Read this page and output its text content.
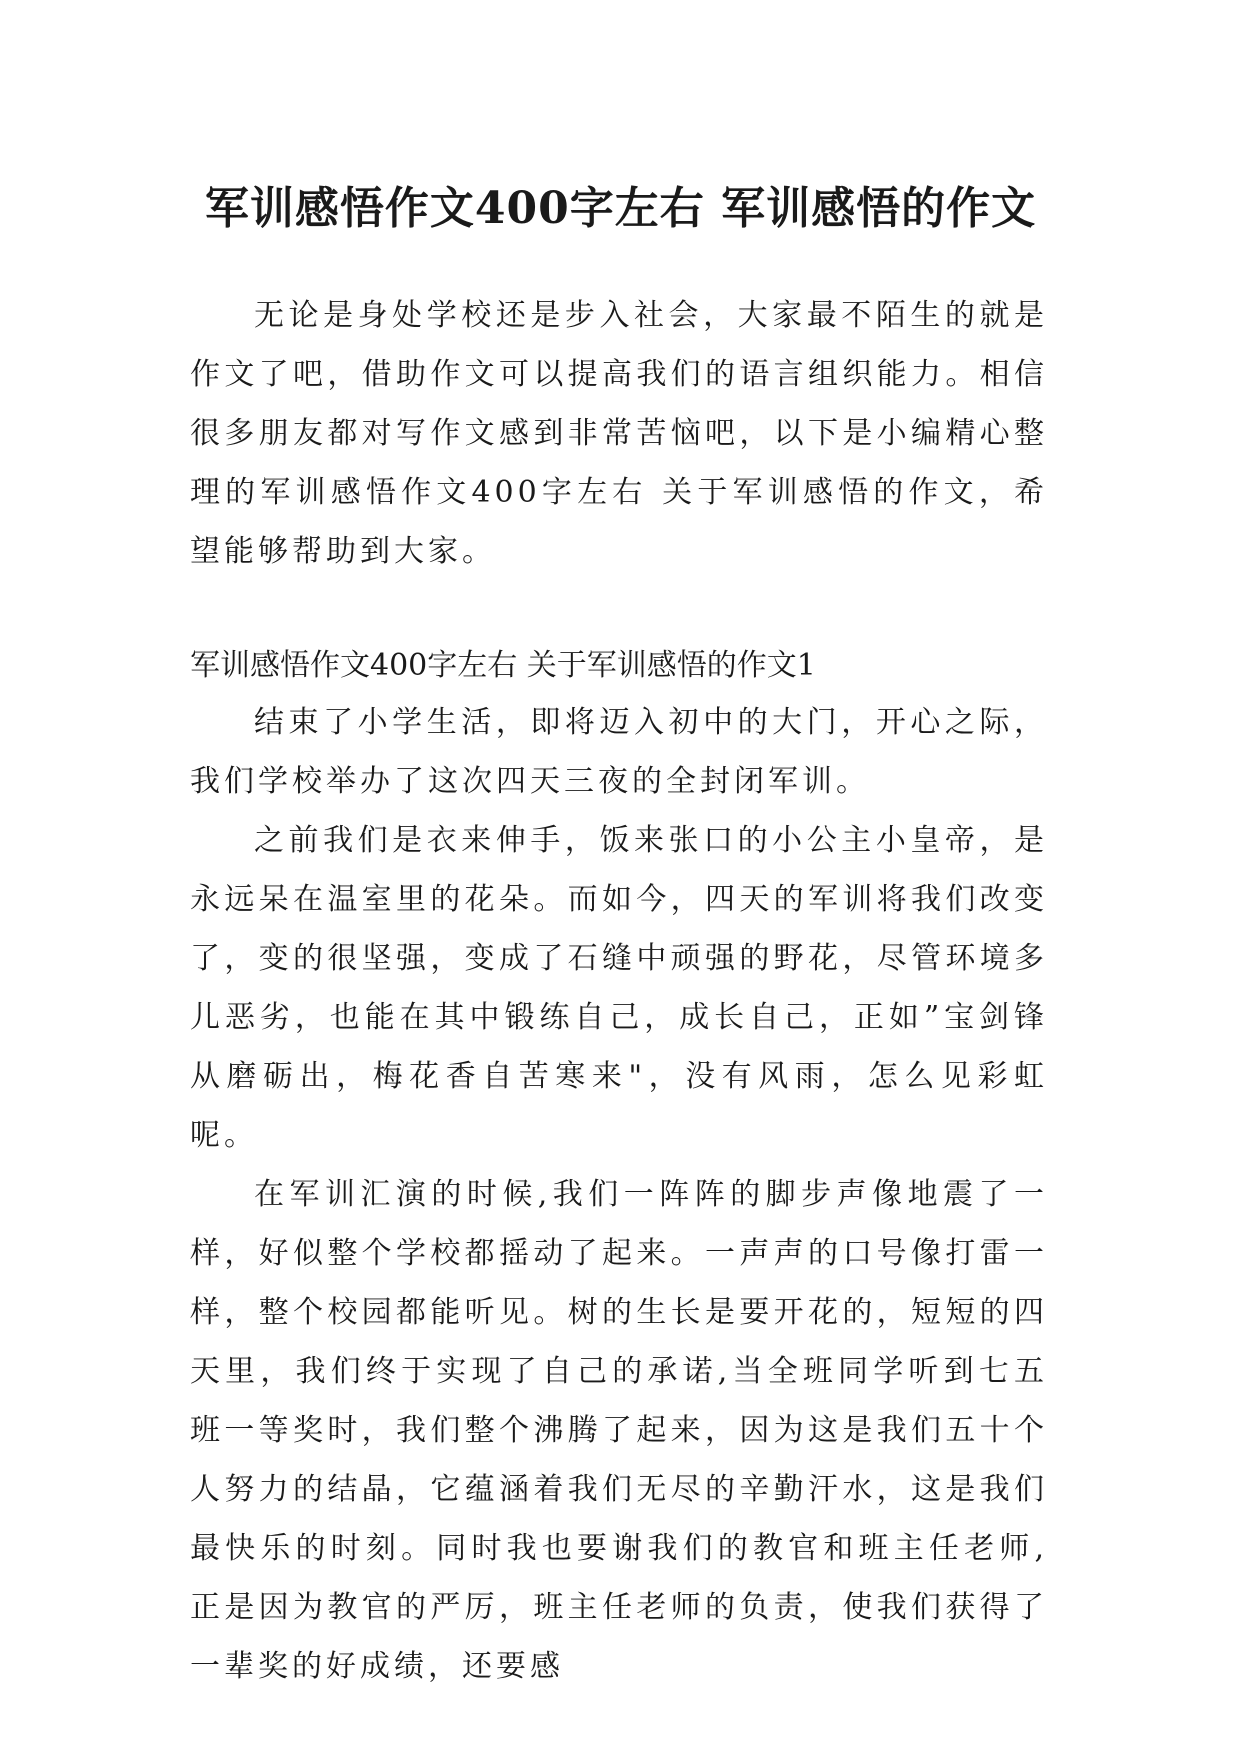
军训感悟作文400字左右 军训感悟的作文

无论是身处学校还是步入社会，大家最不陌生的就是作文了吧，借助作文可以提高我们的语言组织能力。相信很多朋友都对写作文感到非常苦恼吧，以下是小编精心整理的军训感悟作文400字左右 关于军训感悟的作文，希望能够帮助到大家。

军训感悟作文400字左右 关于军训感悟的作文1

结束了小学生活，即将迈入初中的大门，开心之际，我们学校举办了这次四天三夜的全封闭军训。

之前我们是衣来伸手，饭来张口的小公主小皇帝，是永远呆在温室里的花朵。而如今，四天的军训将我们改变了，变的很坚强，变成了石缝中顽强的野花，尽管环境多儿恶劣，也能在其中锻练自己，成长自己，正如”宝剑锋从磨砺出，梅花香自苦寒来"，没有风雨，怎么见彩虹呢。

在军训汇演的时候,我们一阵阵的脚步声像地震了一样，好似整个学校都摇动了起来。一声声的口号像打雷一样，整个校园都能听见。树的生长是要开花的，短短的四天里，我们终于实现了自己的承诺,当全班同学听到七五班一等奖时，我们整个沸腾了起来，因为这是我们五十个人努力的结晶，它蕴涵着我们无尽的辛勤汗水，这是我们最快乐的时刻。同时我也要谢我们的教官和班主任老师,正是因为教官的严厉，班主任老师的负责，使我们获得了一辈奖的好成绩，还要感
